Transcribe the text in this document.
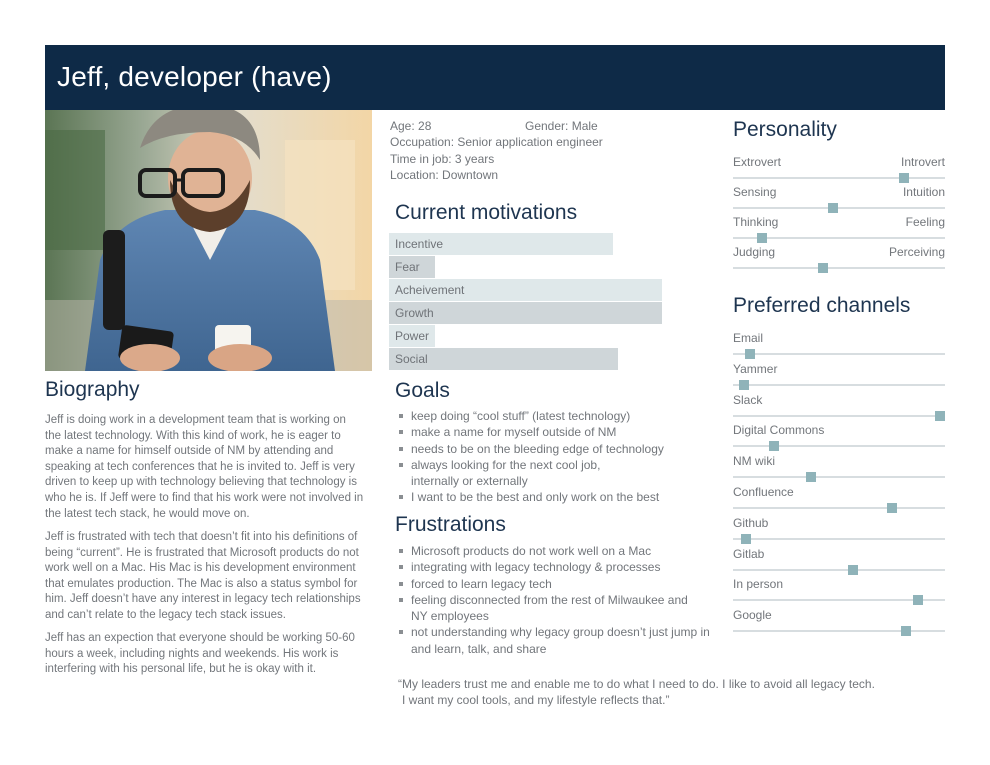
Jeff, developer (have)
Biography

Jeff is doing work in a development team that is working on the latest technology. With this kind of work, he is eager to make a name for himself outside of NM by attending and speaking at tech conferences that he is invited to. Jeff is very driven to keep up with technology believing that technology is who he is. If Jeff were to find that his work were not involved in the latest tech stack, he would move on.

Jeff is frustrated with tech that doesn’t fit into his definitions of being “current”. He is frustrated that Microsoft products do not work well on a Mac. His Mac is his development environment that emulates production. The Mac is also a status symbol for him. Jeff doesn’t have any interest in legacy tech relationships and can’t relate to the legacy tech stack issues.

Jeff has an expection that everyone should be working 50-60 hours a week, including nights and weekends. His work is interfering with his personal life, but he is okay with it.

Age: 28	Gender: Male
Occupation: Senior application engineer
Time in job: 3 years
Location: Downtown
Current motivations
Incentive
Fear
Acheivement
Growth
Power
Social
Goals
keep doing “cool stuff” (latest technology)
make a name for myself outside of NM
needs to be on the bleeding edge of technology
always looking for the next cool job, internally or externally
I want to be the best and only work on the best
Frustrations
Microsoft products do not work well on a Mac
integrating with legacy technology & processes
forced to learn legacy tech
feeling disconnected from the rest of Milwaukee and NY employees
not understanding why legacy group doesn’t just jump in and learn, talk, and share
“My leaders trust me and enable me to do what I need to do. I like to avoid all legacy tech.
I want my cool tools, and my lifestyle reflects that.”
Personality
Extrovert	Introvert
Sensing	Intuition
Thinking	Feeling
Judging	Perceiving
Preferred channels
Email
Yammer
Slack
Digital Commons
NM wiki
Confluence
Github
Gitlab
In person
Google
